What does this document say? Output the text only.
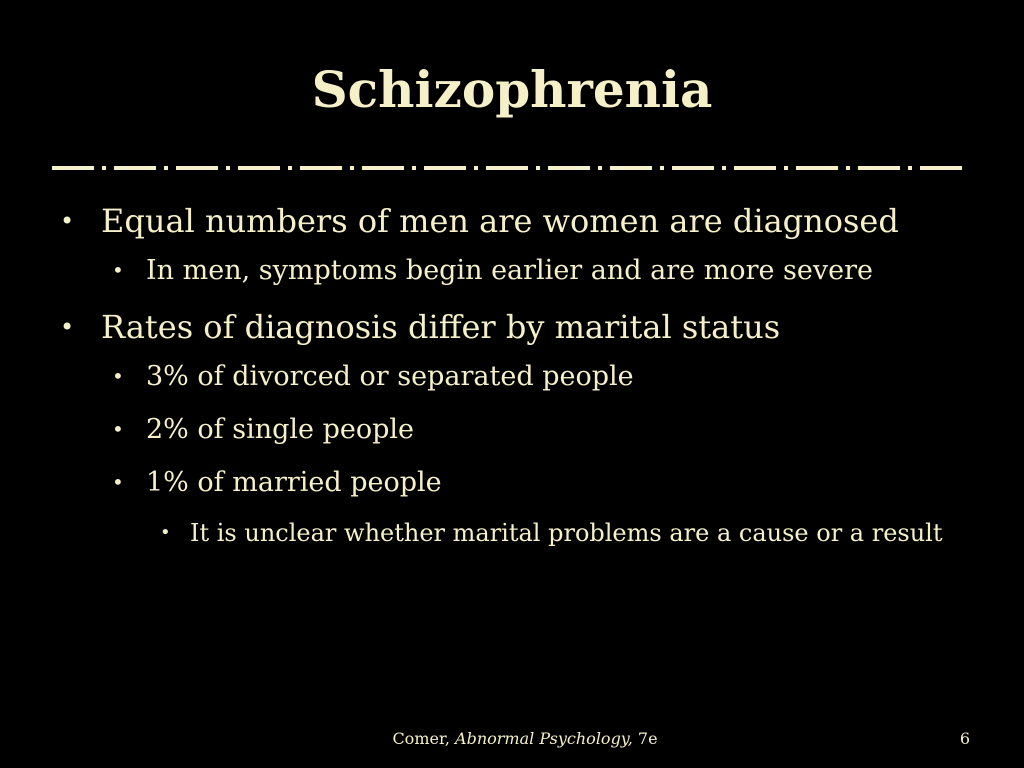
Schizophrenia
• Equal numbers of men are women are diagnosed
• In men, symptoms begin earlier and are more severe
• Rates of diagnosis differ by marital status
• 3% of divorced or separated people
• 2% of single people
• 1% of married people
• It is unclear whether marital problems are a cause or a result
Comer, Abnormal Psychology, 7e	6
